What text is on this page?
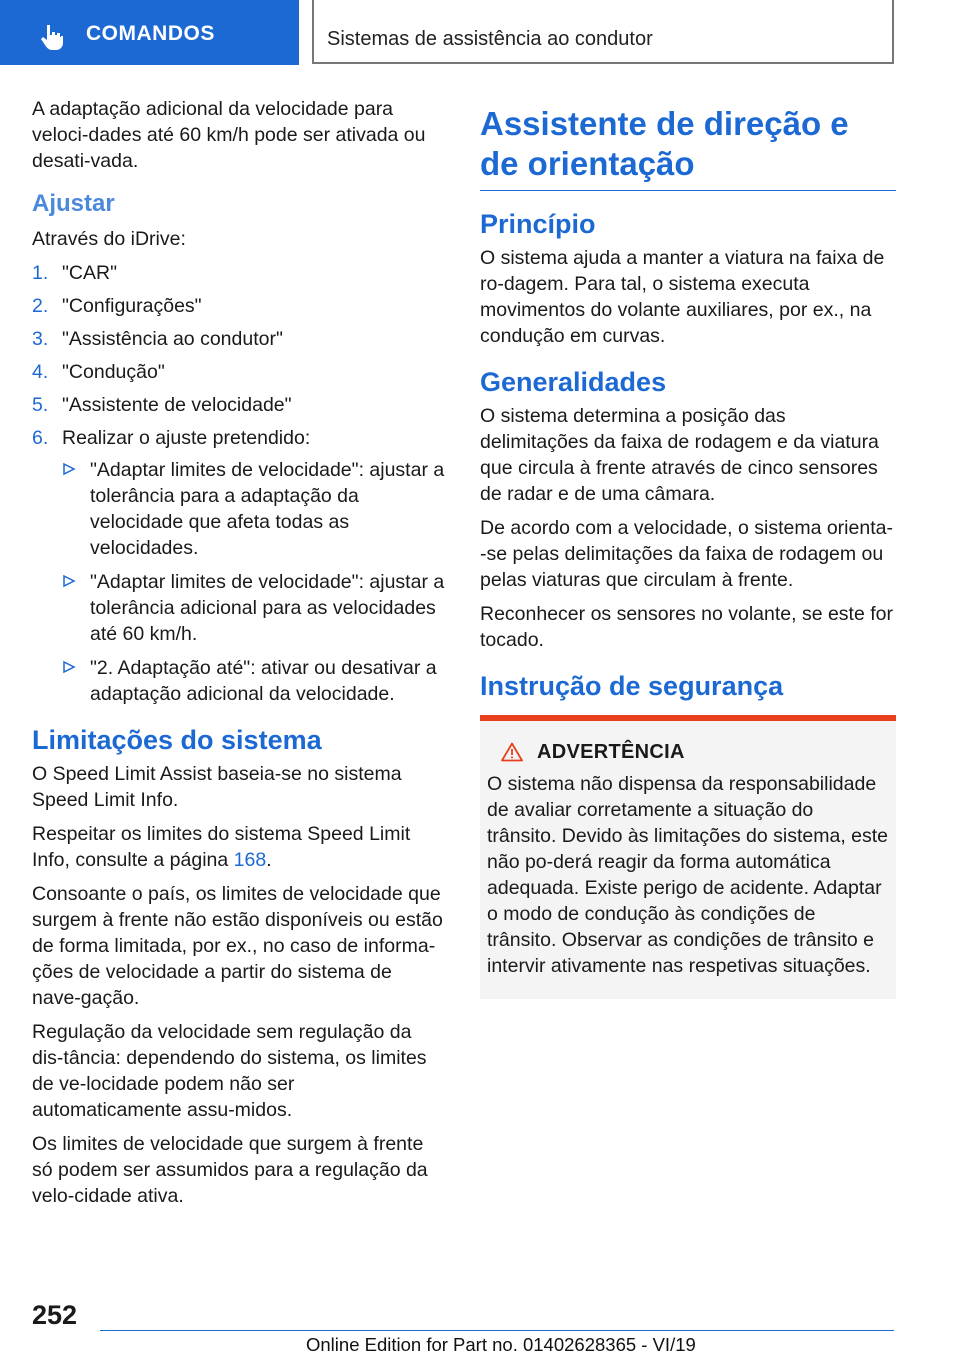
COMANDOS	Sistemas de assistência ao condutor

A adaptação adicional da velocidade para veloci-dades até 60 km/h pode ser ativada ou desati-vada.

Ajustar

Através do iDrive:

1. "CAR"
2. "Configurações"
3. "Assistência ao condutor"
4. "Condução"
5. "Assistente de velocidade"
6. Realizar o ajuste pretendido:
"Adaptar limites de velocidade": ajustar a tolerância para a adaptação da velocidade que afeta todas as velocidades.
"Adaptar limites de velocidade": ajustar a tolerância adicional para as velocidades até 60 km/h.
"2. Adaptação até": ativar ou desativar a adaptação adicional da velocidade.
Limitações do sistema

O Speed Limit Assist baseia-se no sistema Speed Limit Info.

Respeitar os limites do sistema Speed Limit Info, consulte a página 168.

Consoante o país, os limites de velocidade que surgem à frente não estão disponíveis ou estão de forma limitada, por ex., no caso de informa-ções de velocidade a partir do sistema de nave-gação.

Regulação da velocidade sem regulação da dis-tância: dependendo do sistema, os limites de ve-locidade podem não ser automaticamente assu-midos.

Os limites de velocidade que surgem à frente só podem ser assumidos para a regulação da velo-cidade ativa.

Assistente de direção e de orientação
Princípio

O sistema ajuda a manter a viatura na faixa de ro-dagem. Para tal, o sistema executa movimentos do volante auxiliares, por ex., na condução em curvas.

Generalidades

O sistema determina a posição das delimitações da faixa de rodagem e da viatura que circula à frente através de cinco sensores de radar e de uma câmara.

De acordo com a velocidade, o sistema orienta--se pelas delimitações da faixa de rodagem ou pelas viaturas que circulam à frente.

Reconhecer os sensores no volante, se este for tocado.

Instrução de segurança
ADVERTÊNCIA

O sistema não dispensa da responsabilidade de avaliar corretamente a situação do trânsito. Devido às limitações do sistema, este não po-derá reagir da forma automática adequada. Existe perigo de acidente. Adaptar o modo de condução às condições de trânsito. Observar as condições de trânsito e intervir ativamente nas respetivas situações.

252
Online Edition for Part no. 01402628365 - VI/19
